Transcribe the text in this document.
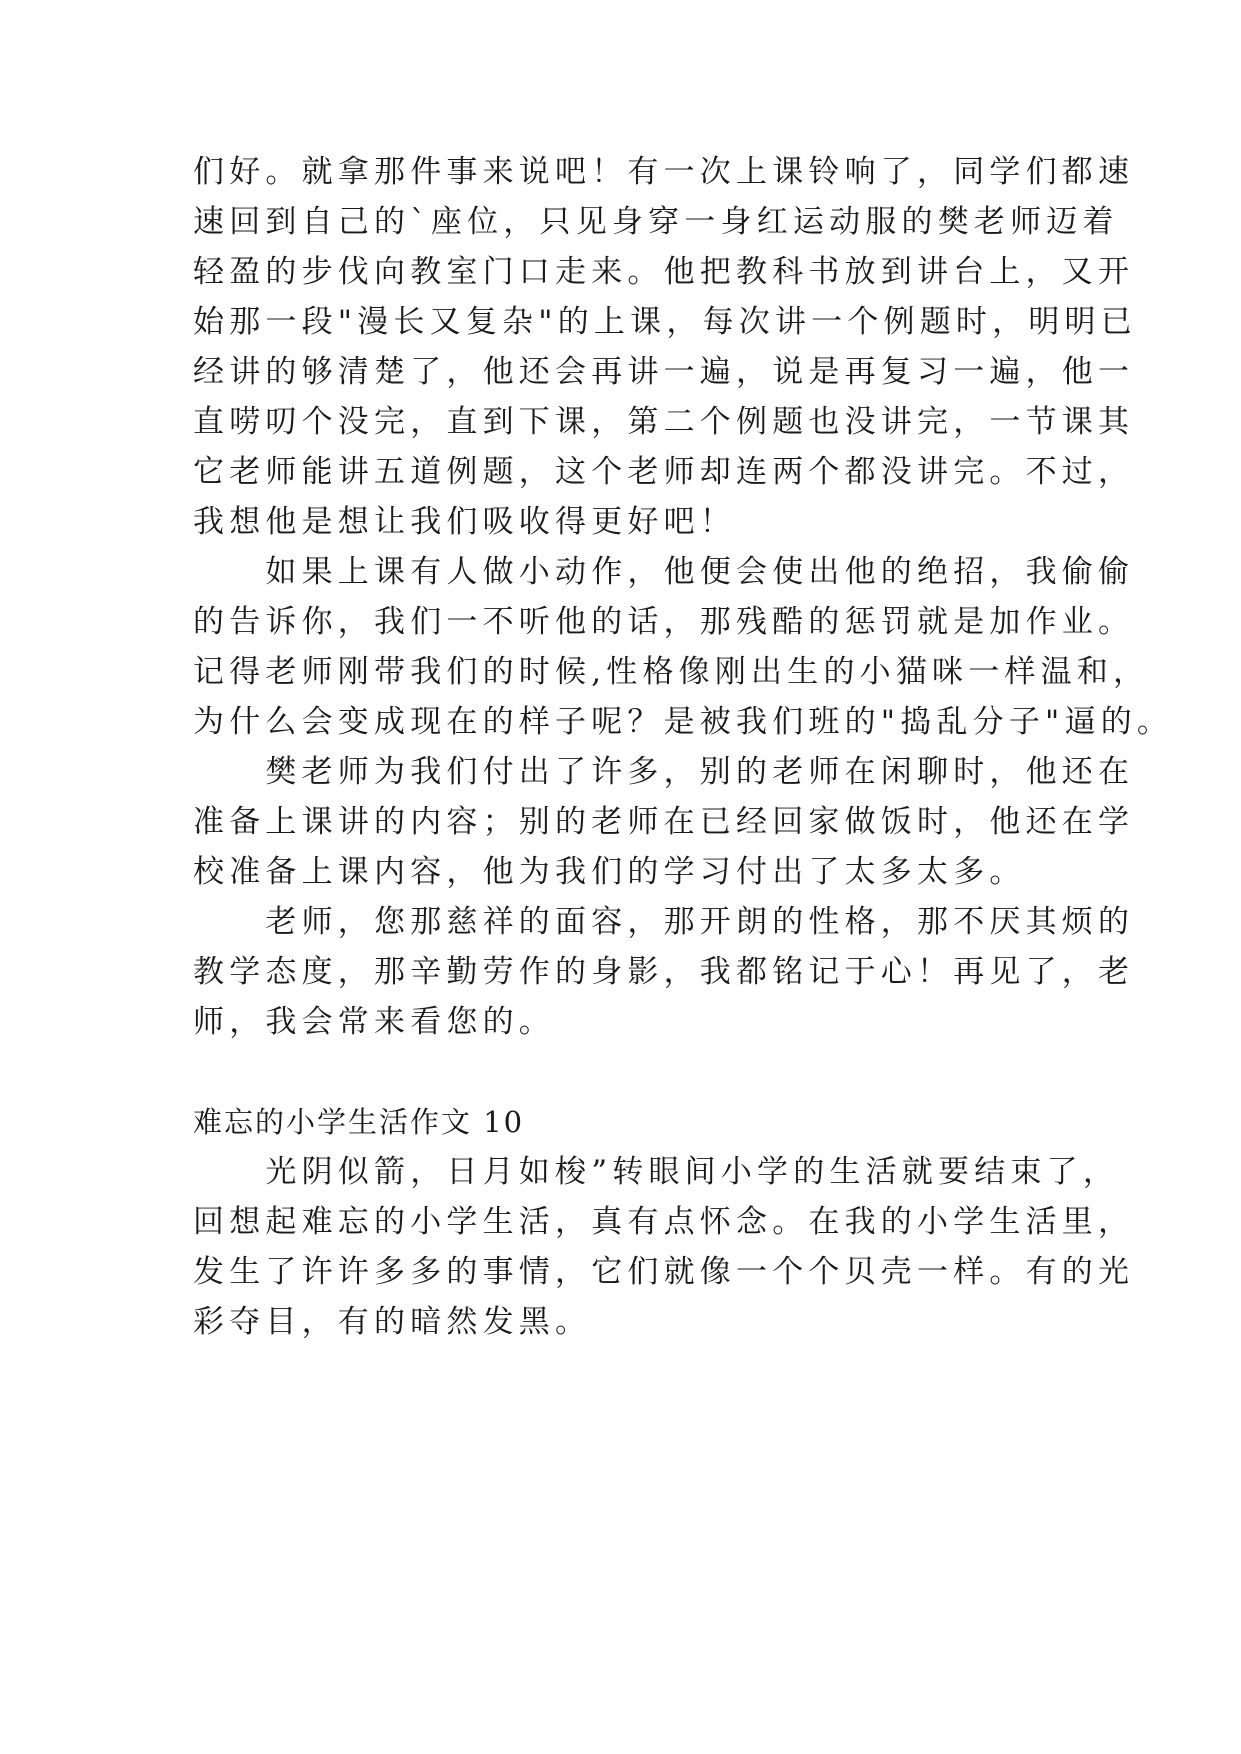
们好。就拿那件事来说吧！有一次上课铃响了，同学们都速
速回到自己的`座位，只见身穿一身红运动服的樊老师迈着
轻盈的步伐向教室门口走来。他把教科书放到讲台上，又开
始那一段"漫长又复杂"的上课，每次讲一个例题时，明明已
经讲的够清楚了，他还会再讲一遍，说是再复习一遍，他一
直唠叨个没完，直到下课，第二个例题也没讲完，一节课其
它老师能讲五道例题，这个老师却连两个都没讲完。不过，
我想他是想让我们吸收得更好吧！
　　如果上课有人做小动作，他便会使出他的绝招，我偷偷
的告诉你，我们一不听他的话，那残酷的惩罚就是加作业。
记得老师刚带我们的时候,性格像刚出生的小猫咪一样温和，
为什么会变成现在的样子呢？是被我们班的"捣乱分子"逼的。
　　樊老师为我们付出了许多，别的老师在闲聊时，他还在
准备上课讲的内容；别的老师在已经回家做饭时，他还在学
校准备上课内容，他为我们的学习付出了太多太多。
　　老师，您那慈祥的面容，那开朗的性格，那不厌其烦的
教学态度，那辛勤劳作的身影，我都铭记于心！再见了，老
师，我会常来看您的。
难忘的小学生活作文 10
　　光阴似箭，日月如梭”转眼间小学的生活就要结束了，
回想起难忘的小学生活，真有点怀念。在我的小学生活里，
发生了许许多多的事情，它们就像一个个贝壳一样。有的光
彩夺目，有的暗然发黑。
